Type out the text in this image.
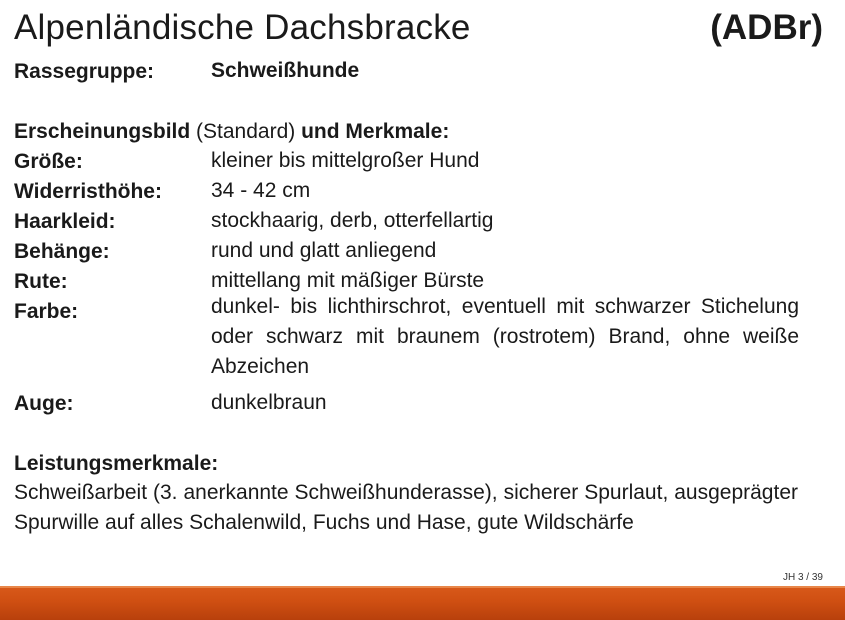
Alpenländische Dachsbracke	(ADBr)
Rassegruppe:	Schweißhunde
Erscheinungsbild (Standard) und Merkmale:
Größe:	kleiner bis mittelgroßer Hund
Widerristhöhe: 34 - 42 cm
Haarkleid:	stockhaarig, derb, otterfellartig
Behänge:	rund und glatt anliegend
Rute:	mittellang mit mäßiger Bürste
Farbe:	dunkel- bis lichthirschrot, eventuell mit schwarzer Stichelung oder schwarz mit braunem (rostrotem) Brand, ohne weiße Abzeichen
Auge:	dunkelbraun
Leistungsmerkmale:
Schweißarbeit (3. anerkannte Schweißhunderasse), sicherer Spurlaut, ausgeprägter Spurwille auf alles Schalenwild, Fuchs und Hase, gute Wildschärfe
JH 3 / 39
